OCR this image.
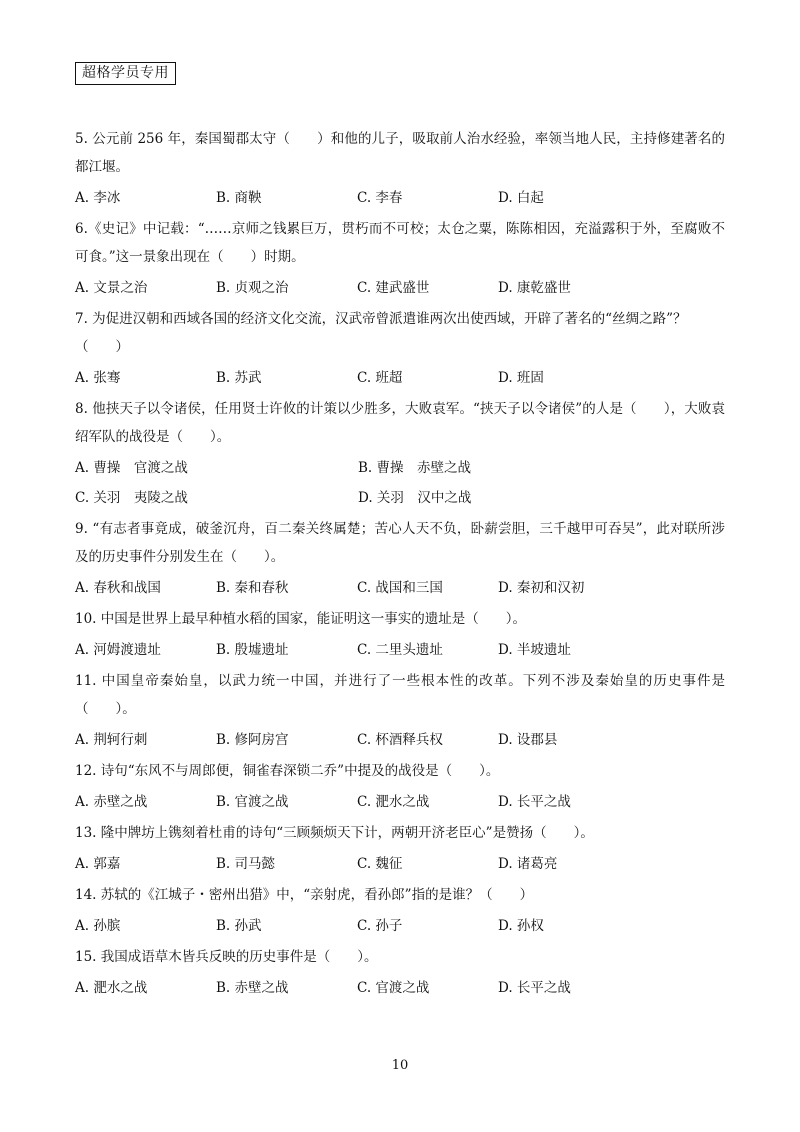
超格学员专用
5. 公元前 256 年，秦国蜀郡太守（　　）和他的儿子，吸取前人治水经验，率领当地人民，主持修建著名的都江堰。
A. 李冰	B. 商鞅	C. 李春	D. 白起
6.《史记》中记载：“……京师之钱累巨万，贯朽而不可校；太仓之粟，陈陈相因，充溢露积于外，至腐败不可食。”这一景象出现在（　　）时期。
A. 文景之治	B. 贞观之治	C. 建武盛世	D. 康乾盛世
7. 为促进汉朝和西域各国的经济文化交流，汉武帝曾派遣谁两次出使西域，开辟了著名的“丝绸之路”？
（　　）
A. 张骞	B. 苏武	C. 班超	D. 班固
8. 他挟天子以令诸侯，任用贤士许攸的计策以少胜多，大败袁军。“挟天子以令诸侯”的人是（　　），大败袁绍军队的战役是（　　）。
A. 曹操　官渡之战	B. 曹操　赤壁之战
C. 关羽　夷陵之战	D. 关羽　汉中之战
9. “有志者事竟成，破釜沉舟，百二秦关终属楚；苦心人天不负，卧薪尝胆，三千越甲可吞吴”，此对联所涉及的历史事件分别发生在（　　）。
A. 春秋和战国	B. 秦和春秋	C. 战国和三国	D. 秦初和汉初
10. 中国是世界上最早种植水稻的国家，能证明这一事实的遗址是（　　）。
A. 河姆渡遗址	B. 殷墟遗址	C. 二里头遗址	D. 半坡遗址
11. 中国皇帝秦始皇，以武力统一中国，并进行了一些根本性的改革。下列不涉及秦始皇的历史事件是（　　）。
A. 荆轲行刺	B. 修阿房宫	C. 杯酒释兵权	D. 设郡县
12. 诗句“东风不与周郎便，铜雀春深锁二乔”中提及的战役是（　　）。
A. 赤壁之战	B. 官渡之战	C. 淝水之战	D. 长平之战
13. 隆中牌坊上镌刻着杜甫的诗句“三顾频烦天下计，两朝开济老臣心”是赞扬（　　）。
A. 郭嘉	B. 司马懿	C. 魏征	D. 诸葛亮
14. 苏轼的《江城子・密州出猎》中，“亲射虎，看孙郎”指的是谁？（　　）
A. 孙膑	B. 孙武	C. 孙子	D. 孙权
15. 我国成语草木皆兵反映的历史事件是（　　）。
A. 淝水之战	B. 赤壁之战	C. 官渡之战	D. 长平之战
10
